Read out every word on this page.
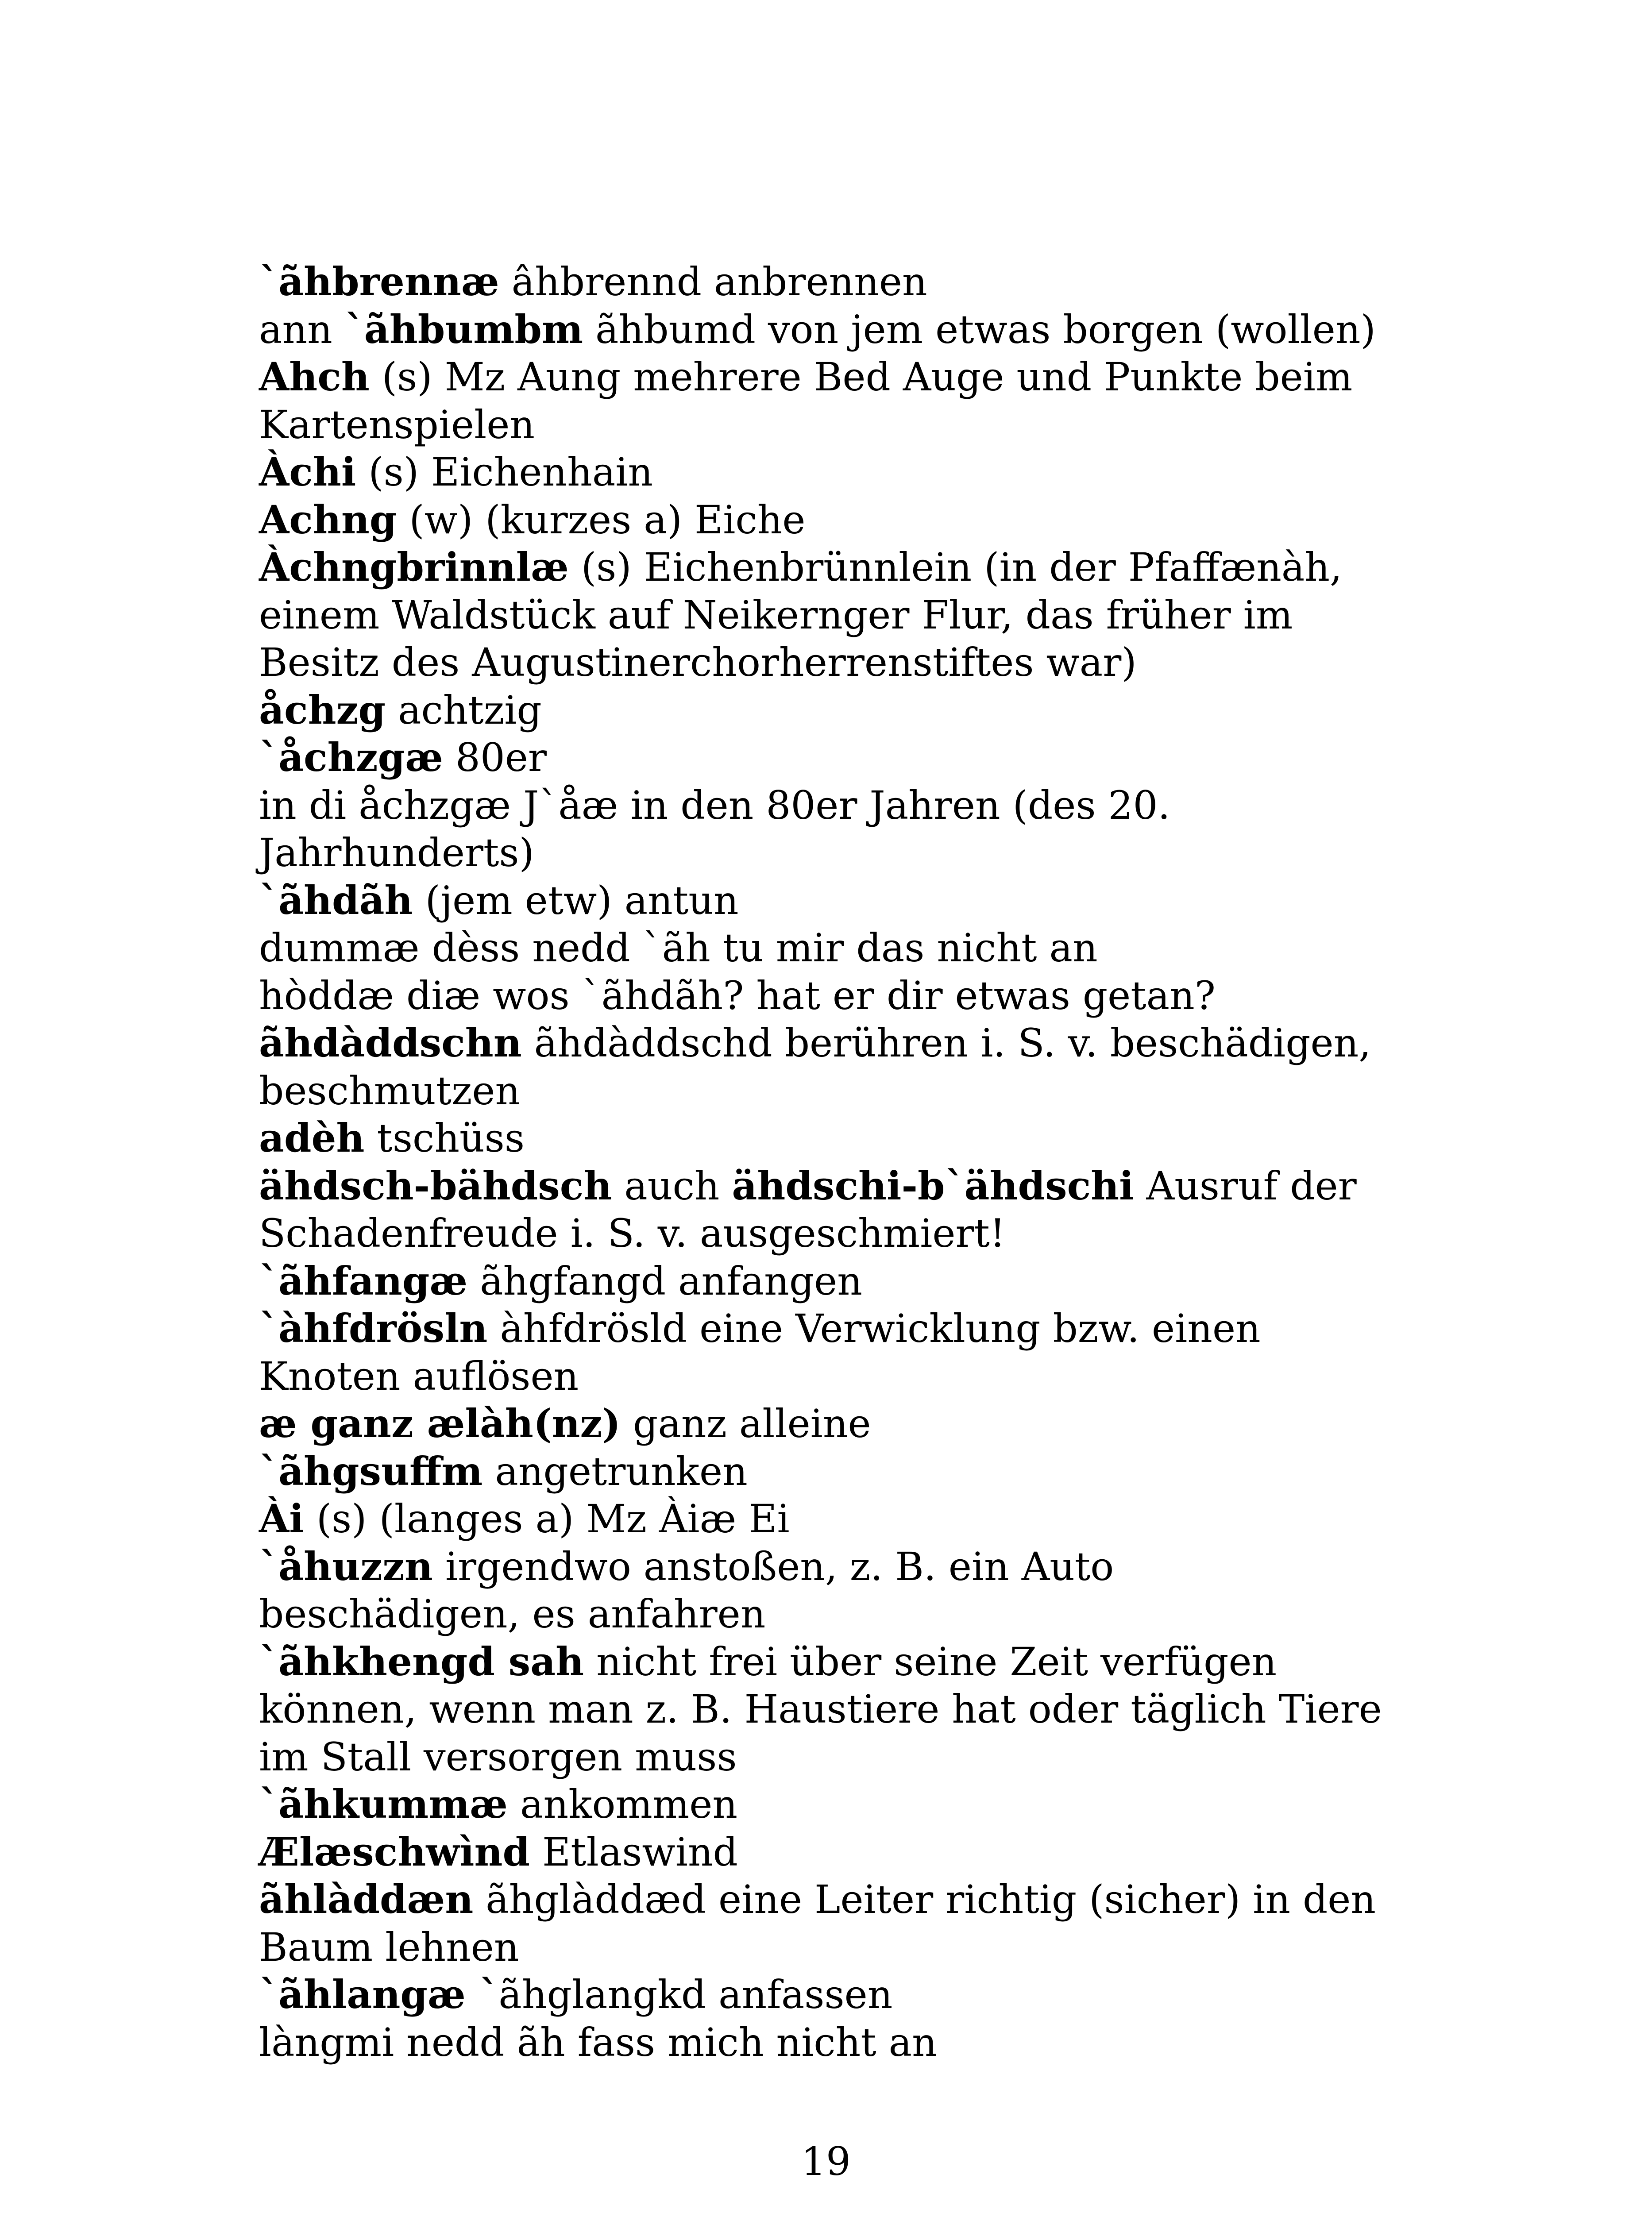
`ãhbrennæ âhbrennd anbrennen
ann `ãhbumbm ãhbumd von jem etwas borgen (wollen)
Ahch (s) Mz Aung mehrere Bed Auge und Punkte beim
Kartenspielen
Àchi (s) Eichenhain
Achng (w) (kurzes a) Eiche
Àchngbrinnlæ (s) Eichenbrünnlein (in der Pfaffænàh,
einem Waldstück auf Neikernger Flur, das früher im
Besitz des Augustinerchorherrenstiftes war)
åchzg achtzig
`åchzgæ 80er
in di åchzgæ J`åæ in den 80er Jahren (des 20.
Jahrhunderts)
`ãhdãh (jem etw) antun
dummæ dèss nedd `ãh tu mir das nicht an
hòddæ diæ wos `ãhdãh? hat er dir etwas getan?
ãhdàddschn ãhdàddschd berühren i. S. v. beschädigen,
beschmutzen
adèh tschüss
ähdsch-bähdsch auch ähdschi-b`ähdschi Ausruf der
Schadenfreude i. S. v. ausgeschmiert!
`ãhfangæ ãhgfangd anfangen
`àhfdrösln àhfdrösld eine Verwicklung bzw. einen
Knoten auflösen
æ ganz ælàh(nz) ganz alleine
`ãhgsuffm angetrunken
Ài (s) (langes a) Mz Àiæ Ei
`åhuzzn irgendwo anstoßen, z. B. ein Auto
beschädigen, es anfahren
`ãhkhengd sah nicht frei über seine Zeit verfügen
können, wenn man z. B. Haustiere hat oder täglich Tiere
im Stall versorgen muss
`ãhkummæ ankommen
Ælæschwìnd Etlaswind
ãhlàddæn ãhglàddæd eine Leiter richtig (sicher) in den
Baum lehnen
`ãhlangæ `ãhglangkd anfassen
làngmi nedd ãh fass mich nicht an
19
